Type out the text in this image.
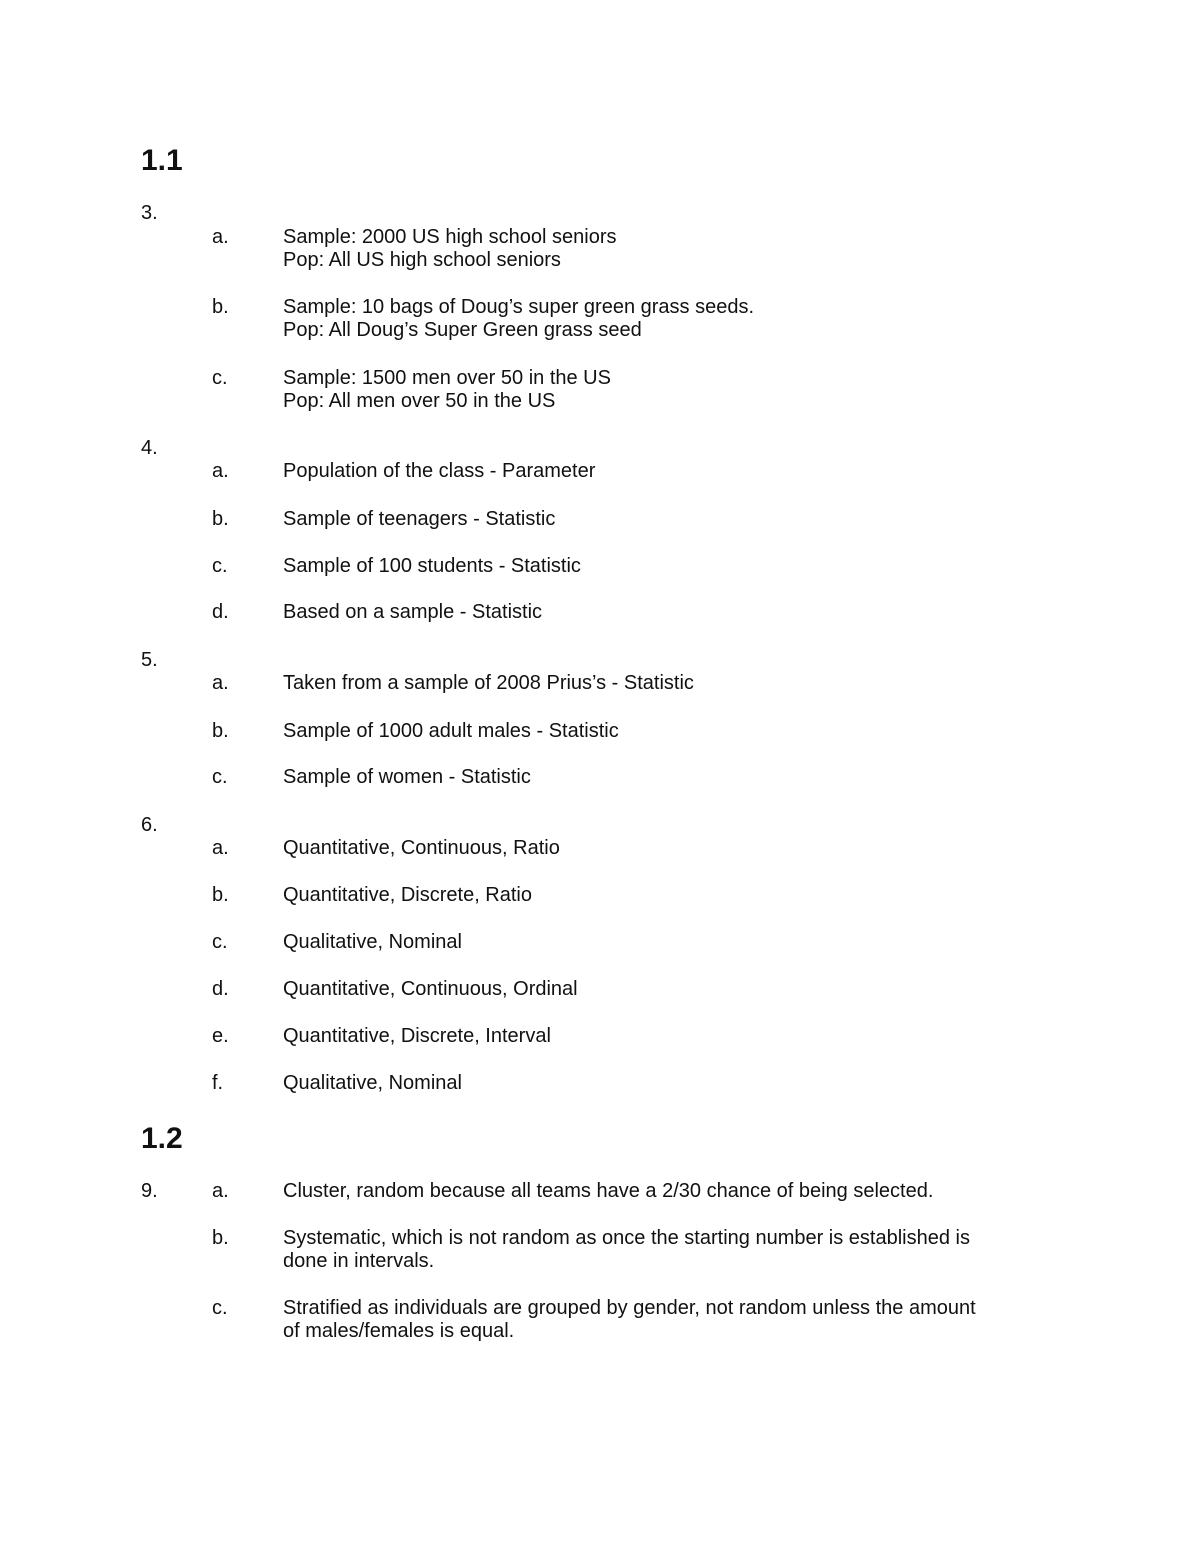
1.1
3.
a.	Sample: 2000 US high school seniors
Pop: All US high school seniors
b.	Sample: 10 bags of Doug’s super green grass seeds.
Pop: All Doug’s Super Green grass seed
c.	Sample: 1500 men over 50 in the US
Pop: All men over 50 in the US
4.
a.	Population of the class - Parameter
b.	Sample of teenagers - Statistic
c.	Sample of 100 students - Statistic
d.	Based on a sample - Statistic
5.
a.	Taken from a sample of 2008 Prius’s - Statistic
b.	Sample of 1000 adult males - Statistic
c.	Sample of women - Statistic
6.
a.	Quantitative, Continuous, Ratio
b.	Quantitative, Discrete, Ratio
c.	Qualitative, Nominal
d.	Quantitative, Continuous, Ordinal
e.	Quantitative, Discrete, Interval
f.	Qualitative, Nominal
1.2
9.	a.	Cluster, random because all teams have a 2/30 chance of being selected.
b.	Systematic, which is not random as once the starting number is established is
done in intervals.
c.	Stratified as individuals are grouped by gender, not random unless the amount
of males/females is equal.
